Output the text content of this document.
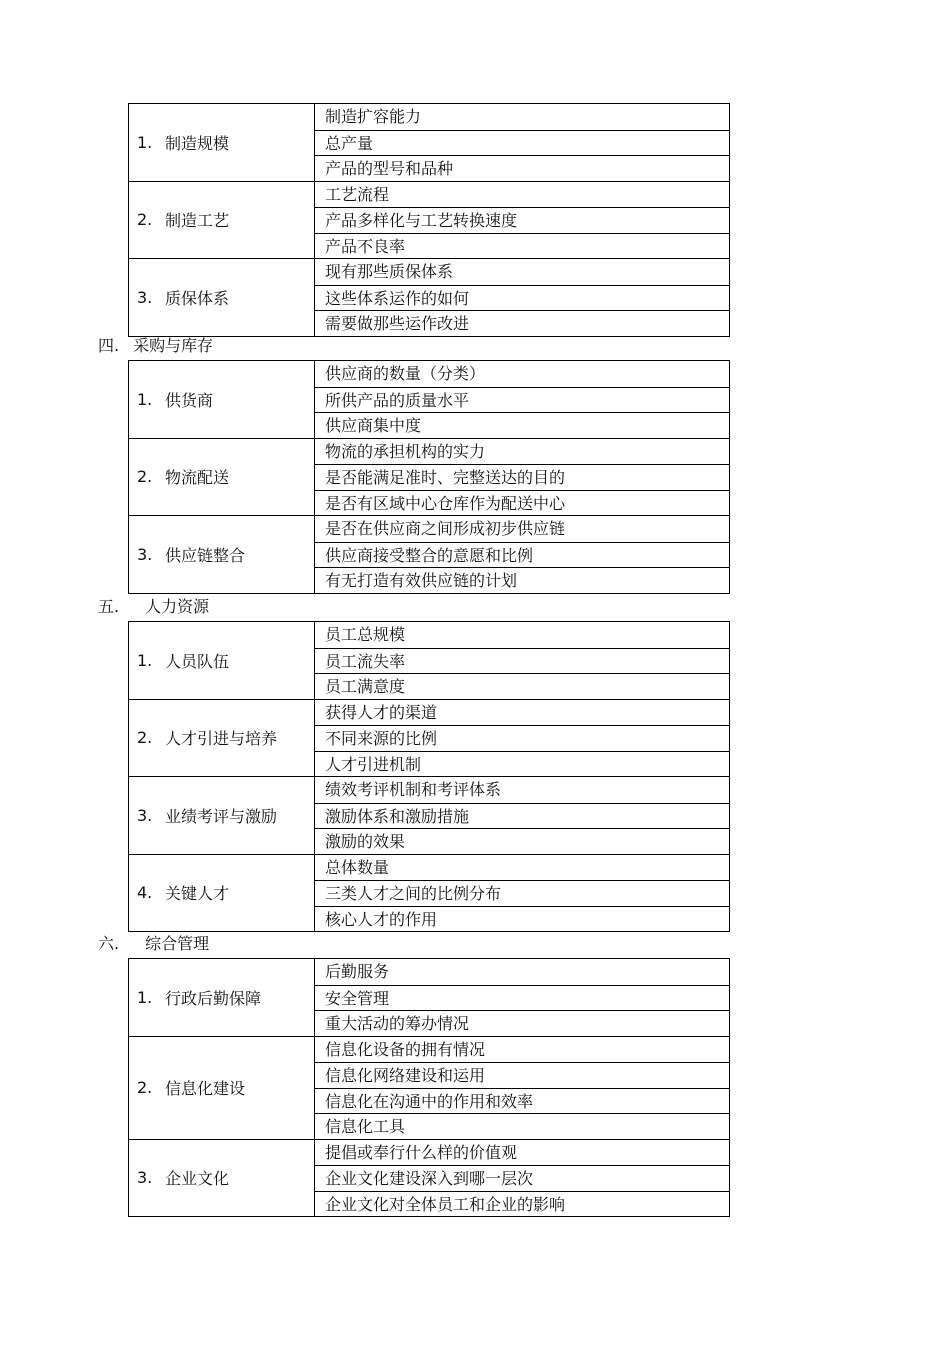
1. 制造规模
制造扩容能力
总产量
产品的型号和品种
2. 制造工艺
工艺流程
产品多样化与工艺转换速度
产品不良率
3. 质保体系
现有那些质保体系
这些体系运作的如何
需要做那些运作改进
四. 采购与库存
1. 供货商
供应商的数量（分类）
所供产品的质量水平
供应商集中度
2. 物流配送
物流的承担机构的实力
是否能满足准时、完整送达的目的
是否有区域中心仓库作为配送中心
3. 供应链整合
是否在供应商之间形成初步供应链
供应商接受整合的意愿和比例
有无打造有效供应链的计划
五. 人力资源
1. 人员队伍
员工总规模
员工流失率
员工满意度
2. 人才引进与培养
获得人才的渠道
不同来源的比例
人才引进机制
3. 业绩考评与激励
绩效考评机制和考评体系
激励体系和激励措施
激励的效果
4. 关键人才
总体数量
三类人才之间的比例分布
核心人才的作用
六. 综合管理
1. 行政后勤保障
后勤服务
安全管理
重大活动的筹办情况
2. 信息化建设
信息化设备的拥有情况
信息化网络建设和运用
信息化在沟通中的作用和效率
信息化工具
3. 企业文化
提倡或奉行什么样的价值观
企业文化建设深入到哪一层次
企业文化对全体员工和企业的影响
